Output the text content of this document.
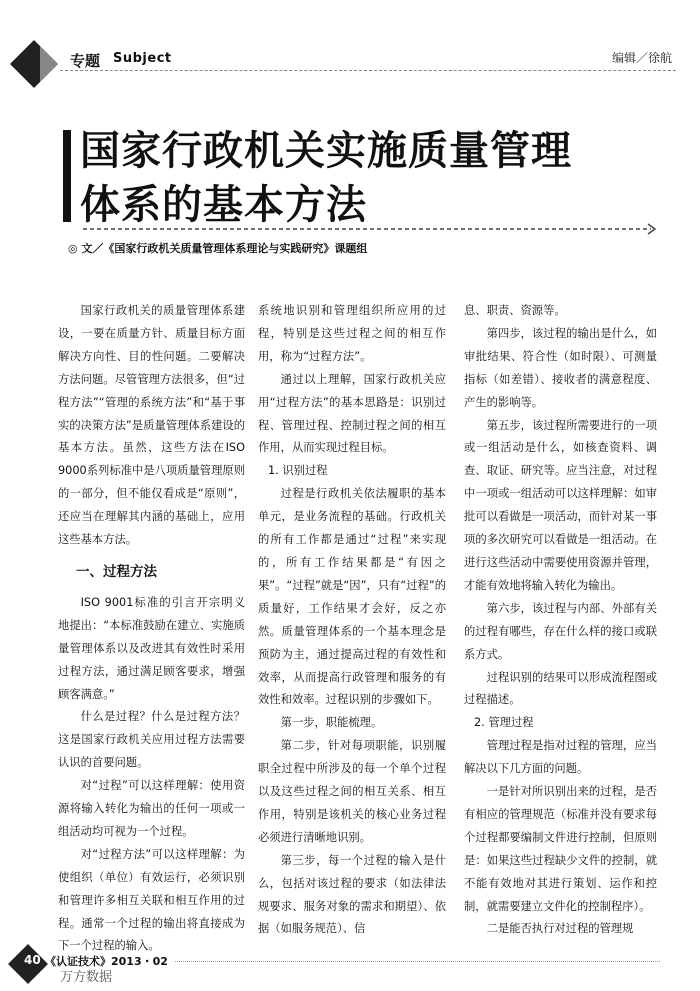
专题 Subject	编辑／徐航
国家行政机关实施质量管理
体系的基本方法
◎ 文／《国家行政机关质量管理体系理论与实践研究》课题组

国家行政机关的质量管理体系建设，一要在质量方针、质量目标方面解决方向性、目的性问题。二要解决方法问题。尽管管理方法很多，但“过程方法”“管理的系统方法”和“基于事实的决策方法”是质量管理体系建设的基本方法。虽然，这些方法在ISO 9000系列标准中是八项质量管理原则的一部分，但不能仅看成是“原则”，还应当在理解其内涵的基础上，应用这些基本方法。

一、过程方法

ISO 9001标准的引言开宗明义地提出：“本标准鼓励在建立、实施质量管理体系以及改进其有效性时采用过程方法，通过满足顾客要求，增强顾客满意。”

什么是过程？什么是过程方法？这是国家行政机关应用过程方法需要认识的首要问题。

对“过程”可以这样理解：使用资源将输入转化为输出的任何一项或一组活动均可视为一个过程。

对“过程方法”可以这样理解：为使组织（单位）有效运行，必须识别和管理许多相互关联和相互作用的过程。通常一个过程的输出将直接成为下一个过程的输入。

系统地识别和管理组织所应用的过程，特别是这些过程之间的相互作用，称为“过程方法”。

通过以上理解，国家行政机关应用“过程方法”的基本思路是：识别过程、管理过程、控制过程之间的相互作用，从而实现过程目标。

1. 识别过程

过程是行政机关依法履职的基本单元，是业务流程的基础。行政机关的所有工作都是通过“过程”来实现的，所有工作结果都是“有因之果”。“过程”就是“因”，只有“过程”的质量好，工作结果才会好，反之亦然。质量管理体系的一个基本理念是预防为主，通过提高过程的有效性和效率，从而提高行政管理和服务的有效性和效率。过程识别的步骤如下。

第一步，职能梳理。

第二步，针对每项职能，识别履职全过程中所涉及的每一个单个过程以及这些过程之间的相互关系、相互作用，特别是该机关的核心业务过程必须进行清晰地识别。

第三步，每一个过程的输入是什么，包括对该过程的要求（如法律法规要求、服务对象的需求和期望）、依据（如服务规范）、信

息、职责、资源等。

第四步，该过程的输出是什么，如审批结果、符合性（如时限）、可测量指标（如差错）、接收者的满意程度、产生的影响等。

第五步，该过程所需要进行的一项或一组活动是什么，如核查资料、调查、取证、研究等。应当注意，对过程中一项或一组活动可以这样理解：如审批可以看做是一项活动，而针对某一事项的多次研究可以看做是一组活动。在进行这些活动中需要使用资源并管理，才能有效地将输入转化为输出。

第六步，该过程与内部、外部有关的过程有哪些，存在什么样的接口或联系方式。

过程识别的结果可以形成流程图或过程描述。

2. 管理过程

管理过程是指对过程的管理，应当解决以下几方面的问题。

一是针对所识别出来的过程，是否有相应的管理规范（标准并没有要求每个过程都要编制文件进行控制，但原则是：如果这些过程缺少文件的控制，就不能有效地对其进行策划、运作和控制，就需要建立文件化的控制程序）。

二是能否执行对过程的管理规

40 《认证技术》2013・02
万方数据
